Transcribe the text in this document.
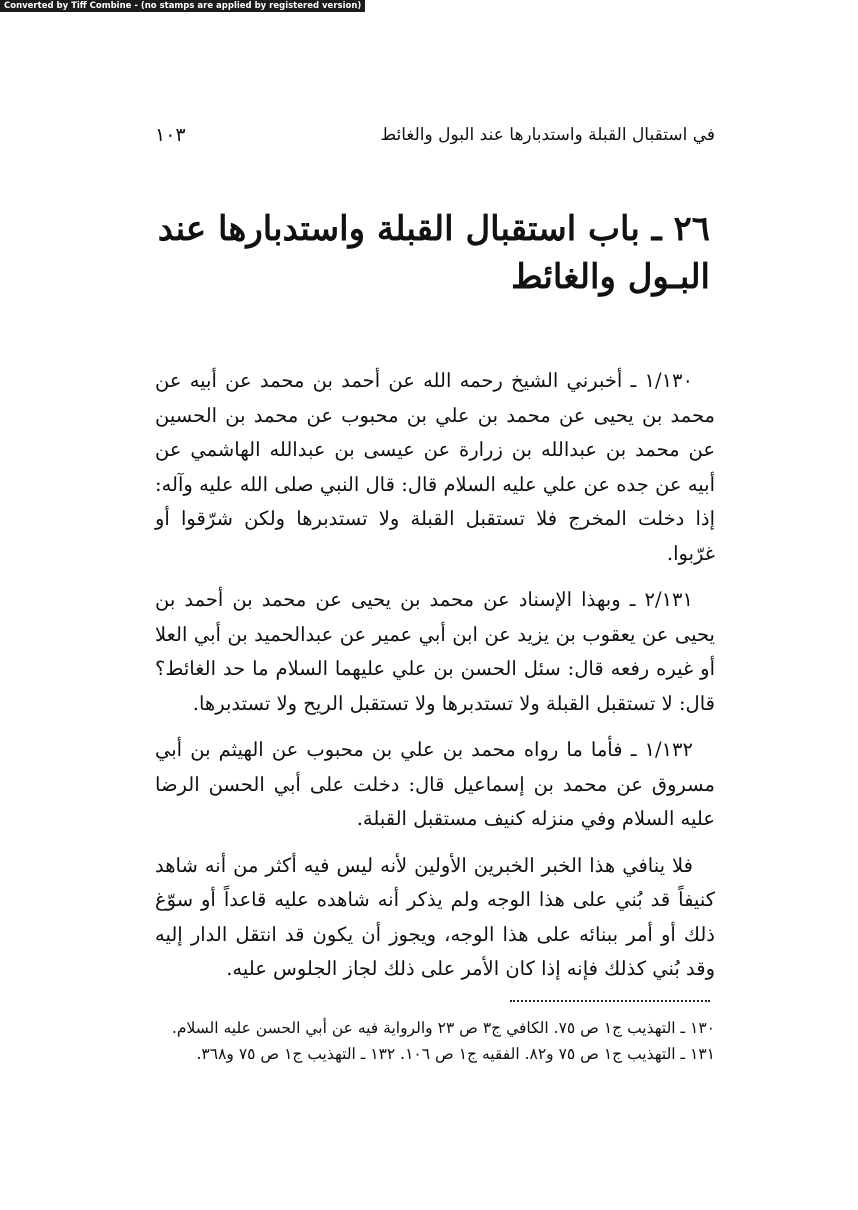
Converted by Tiff Combine - (no stamps are applied by registered version)
في استقبال القبلة واستدبارها عند البول والغائط
١٠٣
٢٦ ـ باب استقبال القبلة واستدبارها عند البـول والغائط

١/١٣٠ ـ أخبرني الشيخ رحمه الله عن أحمد بن محمد عن أبيه عن محمد بن يحيى عن محمد بن علي بن محبوب عن محمد بن الحسين عن محمد بن عبدالله بن زرارة عن عيسى بن عبدالله الهاشمي عن أبيه عن جده عن علي عليه السلام قال: قال النبي صلى الله عليه وآله: إذا دخلت المخرج فلا تستقبل القبلة ولا تستدبرها ولكن شرّقوا أو غرّبوا.

٢/١٣١ ـ وبهذا الإسناد عن محمد بن يحيى عن محمد بن أحمد بن يحيى عن يعقوب بن يزيد عن ابن أبي عمير عن عبدالحميد بن أبي العلا أو غيره رفعه قال: سئل الحسن بن علي عليهما السلام ما حد الغائط؟ قال: لا تستقبل القبلة ولا تستدبرها ولا تستقبل الريح ولا تستدبرها.

١/١٣٢ ـ فأما ما رواه محمد بن علي بن محبوب عن الهيثم بن أبي مسروق عن محمد بن إسماعيل قال: دخلت على أبي الحسن الرضا عليه السلام وفي منزله كنيف مستقبل القبلة.

فلا ينافي هذا الخبر الخبرين الأولين لأنه ليس فيه أكثر من أنه شاهد كنيفاً قد بُني على هذا الوجه ولم يذكر أنه شاهده عليه قاعداً أو سوّغ ذلك أو أمر ببنائه على هذا الوجه، ويجوز أن يكون قد انتقل الدار إليه وقد بُني كذلك فإنه إذا كان الأمر على ذلك لجاز الجلوس عليه.

١٣٠ ـ التهذيب ج١ ص ٧٥. الكافي ج٣ ص ٢٣ والرواية فيه عن أبي الحسن عليه السلام.

١٣١ ـ التهذيب ج١ ص ٧٥ و٨٢. الفقيه ج١ ص ١٠٦. ١٣٢ ـ التهذيب ج١ ص ٧٥ و٣٦٨.
